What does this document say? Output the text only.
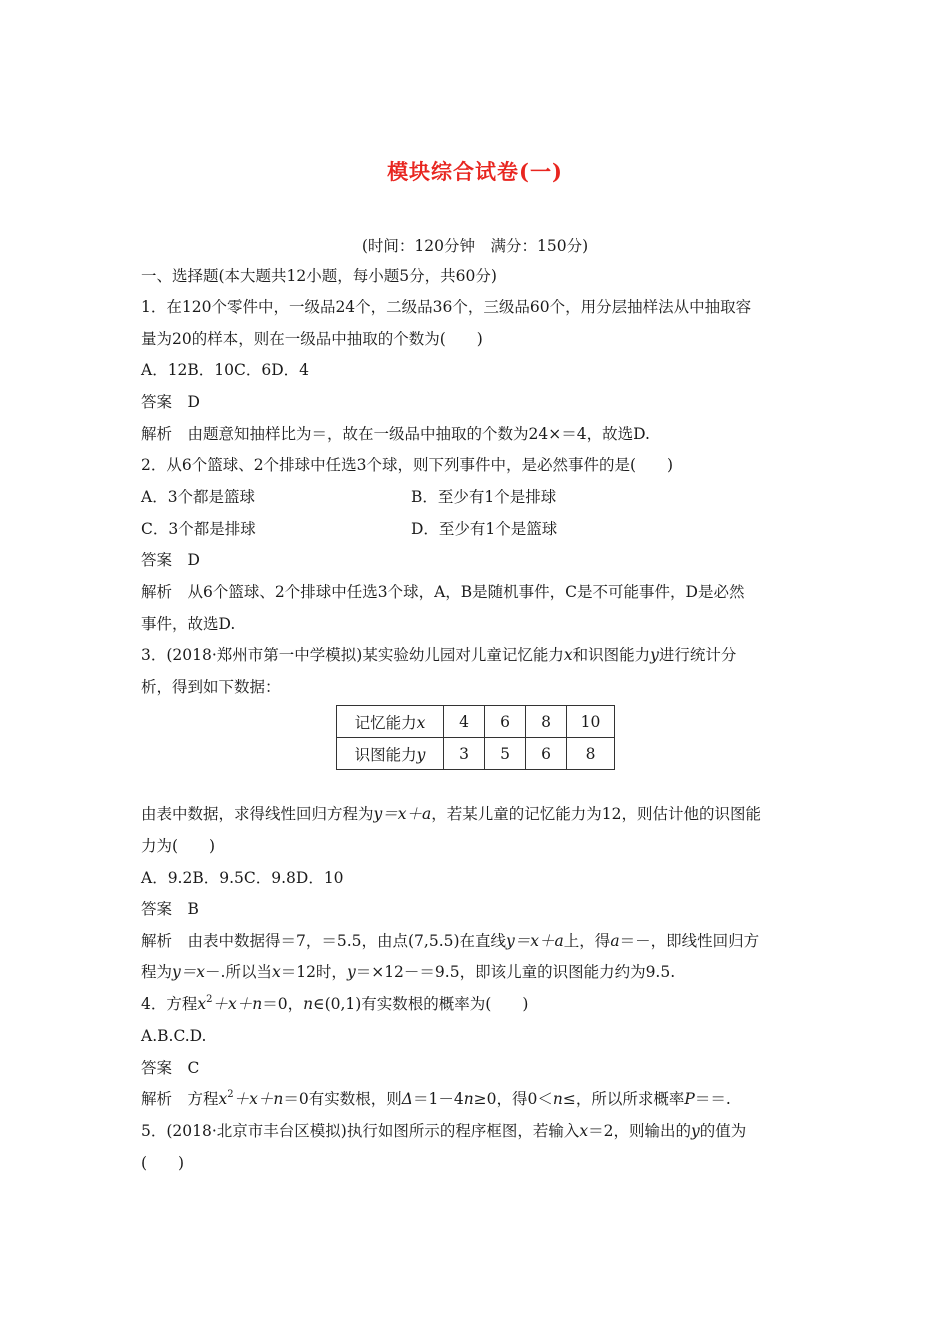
模块综合试卷(一)
(时间：120分钟　满分：150分)
一、选择题(本大题共12小题，每小题5分，共60分)
1．在120个零件中，一级品24个，二级品36个，三级品60个，用分层抽样法从中抽取容
量为20的样本，则在一级品中抽取的个数为(　　)
A．12B．10C．6D．4
答案　D
解析　由题意知抽样比为＝，故在一级品中抽取的个数为24×＝4，故选D.
2．从6个篮球、2个排球中任选3个球，则下列事件中，是必然事件的是(　　)
A．3个都是篮球	B．至少有1个是排球
C．3个都是排球	D．至少有1个是篮球
答案　D
解析　从6个篮球、2个排球中任选3个球，A，B是随机事件，C是不可能事件，D是必然
事件，故选D.
3．(2018·郑州市第一中学模拟)某实验幼儿园对儿童记忆能力x和识图能力y进行统计分
析，得到如下数据：
记忆能力x	4	6	8	10
识图能力y	3	5	6	8
由表中数据，求得线性回归方程为y＝x＋a，若某儿童的记忆能力为12，则估计他的识图能
力为(　　)
A．9.2B．9.5C．9.8D．10
答案　B
解析　由表中数据得＝7，＝5.5，由点(7,5.5)在直线y＝x＋a上，得a＝－，即线性回归方
程为y＝x－.所以当x＝12时，y＝×12－＝9.5，即该儿童的识图能力约为9.5.
4．方程$x^2+x+n=0$，n∈(0,1)有实数根的概率为(　　)
A.B.C.D.
答案　C
解析　方程$x^2+x+n=0$有实数根，则Δ＝1－4n≥0，得0＜n≤，所以所求概率P＝＝.
5．(2018·北京市丰台区模拟)执行如图所示的程序框图，若输入x＝2，则输出的y的值为
(　　)
